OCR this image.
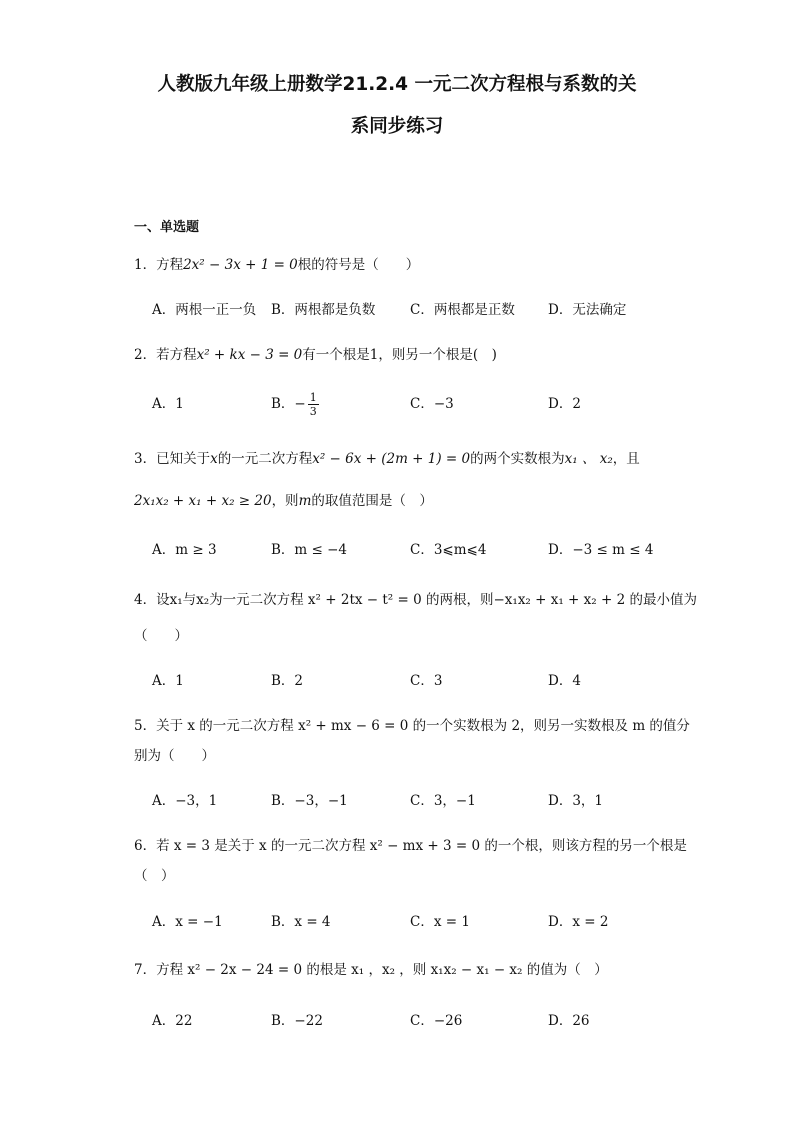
人教版九年级上册数学21.2.4 一元二次方程根与系数的关
系同步练习
一、单选题
1．方程2x² − 3x + 1 = 0根的符号是（　　）
A．两根一正一负 B．两根都是负数	C．两根都是正数 D．无法确定
2．若方程x² + kx − 3 = 0有一个根是1，则另一个根是(　)
A．1	B．− $\frac{1}{3}$	C．−3	D．2
3．已知关于x的一元二次方程x² − 6x + (2m + 1) = 0的两个实数根为x₁ 、 x₂，且
2x₁x₂ + x₁ + x₂ ≥ 20，则m的取值范围是（　）
A．m ≥ 3	B．m ≤ −4	C．3⩽m⩽4	D．−3 ≤ m ≤ 4
4．设x₁与x₂为一元二次方程 x² + 2tx − t² = 0 的两根，则−x₁x₂ + x₁ + x₂ + 2 的最小值为
（　　）
A．1	B．2	C．3	D．4
5．关于 x 的一元二次方程 x² + mx − 6 = 0 的一个实数根为 2，则另一实数根及 m 的值分
别为（　　）
A．−3，1	B．−3，−1	C．3，−1	D．3，1
6．若 x = 3 是关于 x 的一元二次方程 x² − mx + 3 = 0 的一个根，则该方程的另一个根是
（　）
A．x = −1	B．x = 4	C．x = 1	D．x = 2
7．方程 x² − 2x − 24 = 0 的根是 x₁ ，x₂ ，则 x₁x₂ − x₁ − x₂ 的值为（　）
A．22	B．−22	C．−26	D．26
